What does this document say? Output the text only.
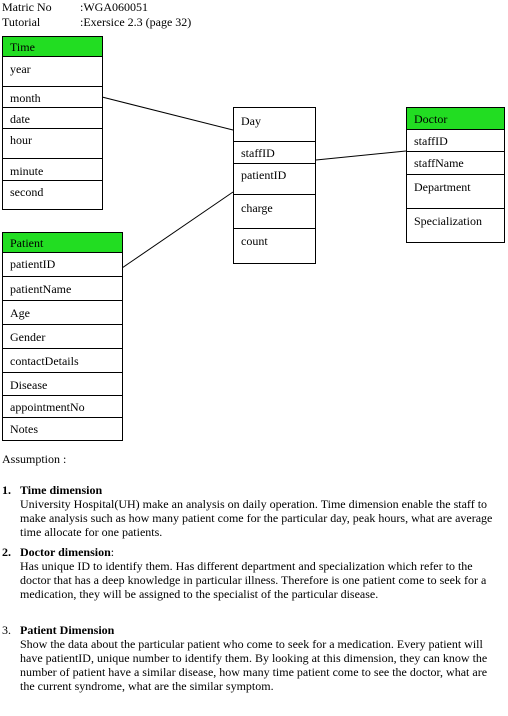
Matric No :WGA060051
Tutorial	:Exersice 2.3 (page 32)
Time
year
month
date
hour
minute
second
Day
staffID
patientID
charge
count
Doctor
staffID
staffName
Department
Specialization
Patient
patientID
patientName
Age
Gender
contactDetails
Disease
appointmentNo
Notes
Assumption :
1. Time dimension
University Hospital(UH) make an analysis on daily operation. Time dimension enable the staff to make analysis such as how many patient come for the particular day, peak hours, what are average time allocate for one patients.
2. Doctor dimension:
Has unique ID to identify them. Has different department and specialization which refer to the doctor that has a deep knowledge in particular illness. Therefore is one patient come to seek for a medication, they will be assigned to the specialist of the particular disease.
3. Patient Dimension
Show the data about the particular patient who come to seek for a medication. Every patient will have patientID, unique number to identify them. By looking at this dimension, they can know the number of patient have a similar disease, how many time patient come to see the doctor, what are the current syndrome, what are the similar symptom.
